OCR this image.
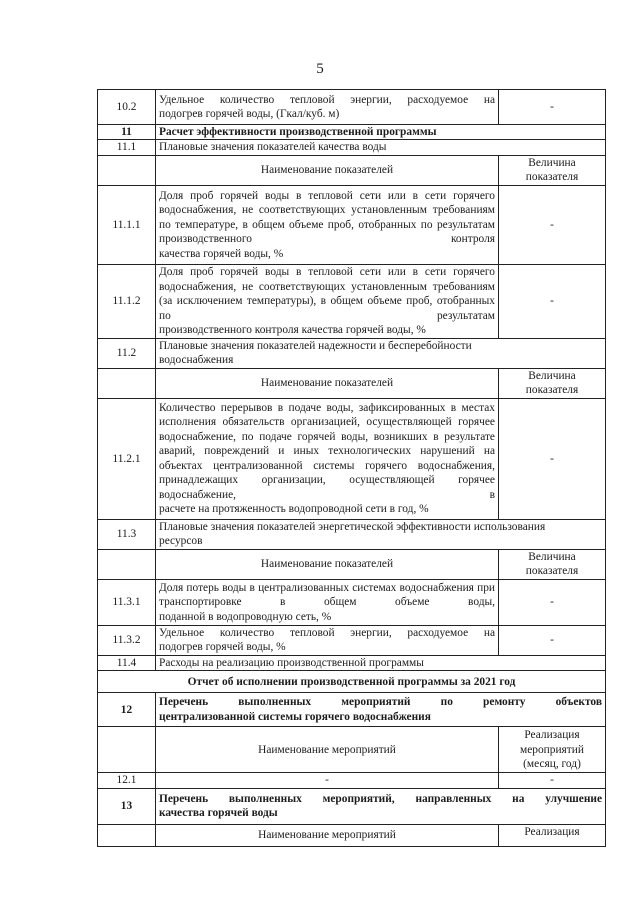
5
10.2	Удельное количество тепловой энергии, расходуемое на
подогрев горячей воды, (Гкал/куб. м)	-
11	Расчет эффективности производственной программы	
11.1	Плановые значения показателей качества воды	
	Наименование показателей	Величина
показателя
11.1.1	Доля проб горячей воды в тепловой сети или в сети горячего водоснабжения, не соответствующих установленным требованиям по температуре, в общем объеме проб, отобранных по результатам производственного контроля
качества горячей воды, %	-
11.1.2	Доля проб горячей воды в тепловой сети или в сети горячего водоснабжения, не соответствующих установленным требованиям (за исключением температуры), в общем объеме проб, отобранных по результатам
производственного контроля качества горячей воды, %	-
11.2	Плановые значения показателей надежности и бесперебойности
водоснабжения	
	Наименование показателей	Величина
показателя
11.2.1	Количество перерывов в подаче воды, зафиксированных в местах исполнения обязательств организацией, осуществляющей горячее водоснабжение, по подаче горячей воды, возникших в результате аварий, повреждений и иных технологических нарушений на объектах централизованной системы горячего водоснабжения, принадлежащих организации, осуществляющей горячее водоснабжение, в
расчете на протяженность водопроводной сети в год, %	-
11.3	Плановые значения показателей энергетической эффективности использования
ресурсов	
	Наименование показателей	Величина
показателя
11.3.1	Доля потерь воды в централизованных системах водоснабжения при транспортировке в общем объеме воды,
поданной в водопроводную сеть, %	-
11.3.2	Удельное количество тепловой энергии, расходуемое на
подогрев горячей воды, %	-
11.4	Расходы на реализацию производственной программы	
Отчет об исполнении производственной программы за 2021 год		
12	Перечень выполненных мероприятий по ремонту объектов
централизованной системы горячего водоснабжения	

	Наименование мероприятий	Реализация
мероприятий
(месяц, год)
12.1	-	-
13	Перечень выполненных мероприятий, направленных на улучшение
качества горячей воды	

	Наименование мероприятий	Реализация
